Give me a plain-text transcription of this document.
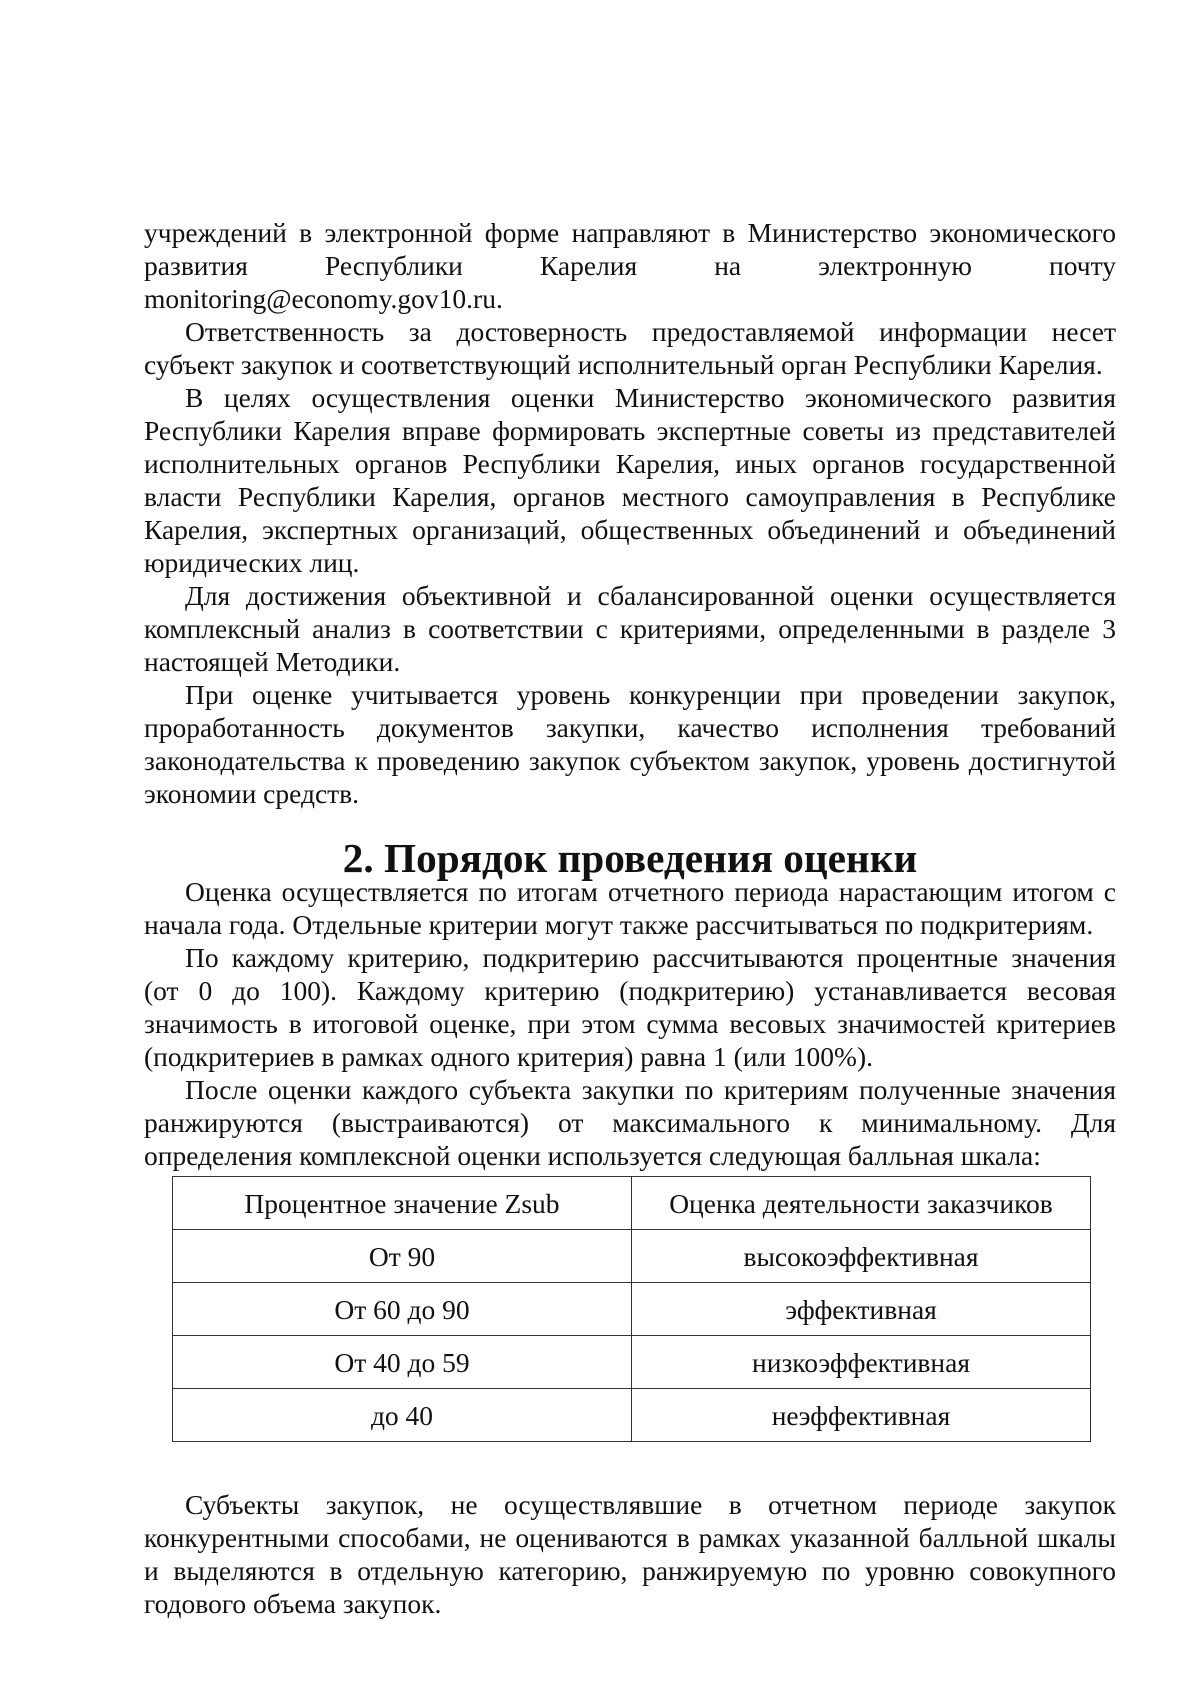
учреждений в электронной форме направляют в Министерство экономического развития Республики Карелия на электронную почту monitoring@economy.gov10.ru.

Ответственность за достоверность предоставляемой информации несет субъект закупок и соответствующий исполнительный орган Республики Карелия.

В целях осуществления оценки Министерство экономического развития Республики Карелия вправе формировать экспертные советы из представителей исполнительных органов Республики Карелия, иных органов государственной власти Республики Карелия, органов местного самоуправления в Республике Карелия, экспертных организаций, общественных объединений и объединений юридических лиц.

Для достижения объективной и сбалансированной оценки осуществляется комплексный анализ в соответствии с критериями, определенными в разделе 3 настоящей Методики.

При оценке учитывается уровень конкуренции при проведении закупок, проработанность документов закупки, качество исполнения требований законодательства к проведению закупок субъектом закупок, уровень достигнутой экономии средств.

2. Порядок проведения оценки

Оценка осуществляется по итогам отчетного периода нарастающим итогом с начала года. Отдельные критерии могут также рассчитываться по подкритериям.

По каждому критерию, подкритерию рассчитываются процентные значения (от 0 до 100). Каждому критерию (подкритерию) устанавливается весовая значимость в итоговой оценке, при этом сумма весовых значимостей критериев (подкритериев в рамках одного критерия) равна 1 (или 100%).

После оценки каждого субъекта закупки по критериям полученные значения ранжируются (выстраиваются) от максимального к минимальному. Для определения комплексной оценки используется следующая балльная шкала:

Процентное значение Zsub	Оценка деятельности заказчиков
От 90	высокоэффективная
От 60 до 90	эффективная
От 40 до 59	низкоэффективная
до 40	неэффективная

Субъекты закупок, не осуществлявшие в отчетном периоде закупок конкурентными способами, не оцениваются в рамках указанной балльной шкалы и выделяются в отдельную категорию, ранжируемую по уровню совокупного годового объема закупок.
